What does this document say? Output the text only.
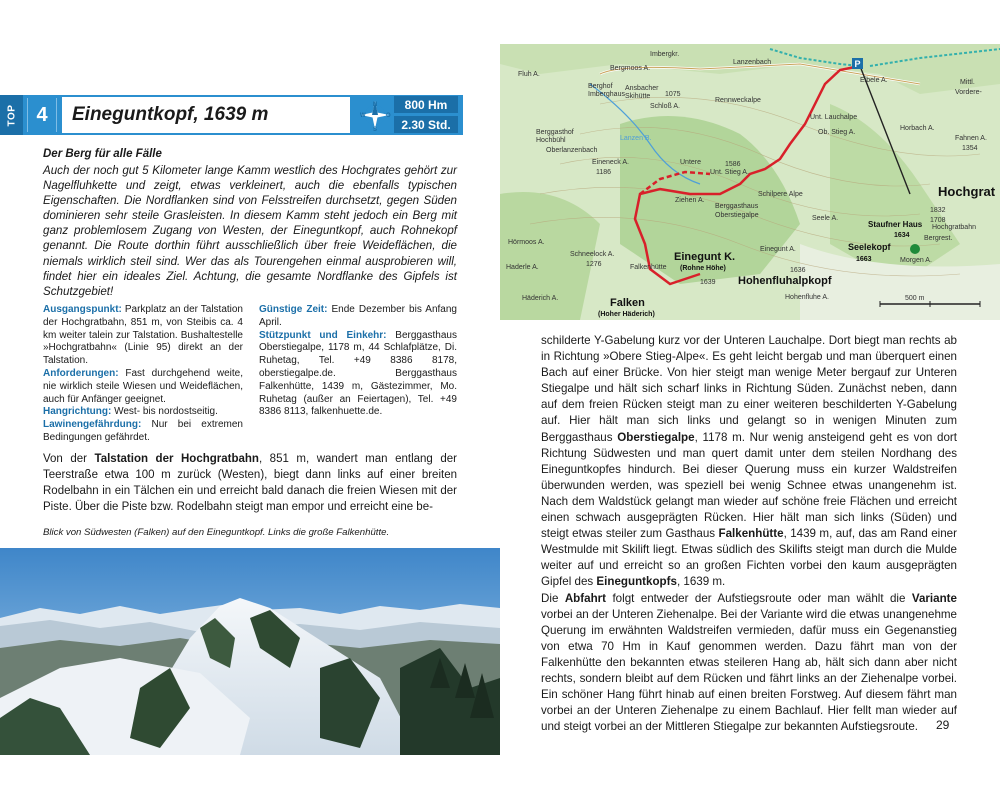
TOP 4	Eineguntkopf, 1639 m	N
W	O
S
800 Hm
2.30 Std.
Der Berg für alle Fälle
Auch der noch gut 5 Kilometer lange Kamm westlich des Hochgrates gehört zur Nagelfluhkette und zeigt, etwas verkleinert, auch die ebenfalls typischen Eigenschaften. Die Nordflanken sind von Felsstreifen durchsetzt, gegen Süden dominieren sehr steile Grasleisten. In diesem Kamm steht jedoch ein Berg mit ganz problemlosem Zugang von Westen, der Eineguntkopf, auch Rohnekopf genannt. Die Route dorthin führt ausschließlich über freie Weideflächen, die niemals wirklich steil sind. Wer das als Tourengehen einmal ausprobieren will, findet hier ein ideales Ziel. Achtung, die gesamte Nordflanke des Gipfels ist Schutzgebiet!
Ausgangspunkt: Parkplatz an der Talstation der Hochgratbahn, 851 m, von Steibis ca. 4 km weiter talein zur Talstation. Bushaltestelle »Hochgratbahn« (Linie 95) direkt an der Talstation.
Anforderungen: Fast durchgehend weite, nie wirklich steile Wiesen und Weideflächen, auch für Anfänger geeignet.
Hangrichtung: West- bis nordostseitig.
Lawinengefährdung: Nur bei extremen Bedingungen gefährdet.
Günstige Zeit: Ende Dezember bis Anfang April.
Stützpunkt und Einkehr: Berggasthaus Oberstiegalpe, 1178 m, 44 Schlafplätze, Di. Ruhetag, Tel. +49 8386 8178, oberstiegalpe.de. Berggasthaus Falkenhütte, 1439 m, Gästezimmer, Mo. Ruhetag (außer an Feiertagen), Tel. +49 8386 8113, falkenhuette.de.
Von der Talstation der Hochgratbahn, 851 m, wandert man entlang der Teerstraße etwa 100 m zurück (Westen), biegt dann links auf einer breiten Rodelbahn in ein Tälchen ein und erreicht bald danach die freien Wiesen mit der Piste. Über die Piste bzw. Rodelbahn steigt man empor und erreicht eine be-
Blick von Südwesten (Falken) auf den Eineguntkopf. Links die große Falkenhütte.
P
Imbergkr.
Lanzenbach
Bergmoos A.
Fluh A.
Berghof
Imberghaus
Ansbacher
Skihütte
Schloß A.
Rennweckalpe
1075
Eibele A.	Mittl.
Vordere-
Unt. Lauchalpe
Ob. Stieg A.
Horbach A.
Fahnen A.
1354
Berggasthof
Hochbühl
Oberlanzenbach
Lanzen B.
Eineneck A.
1186
Untere
Ziehen A.
Unt. Stieg A.
1586
Schilpere Alpe
Berggasthaus
Oberstiegalpe	Seele A.
Hochgratbahn
Bergrest.
1832
1708
Hörmoos A.
Schneelock A.
1276
Einegunt A.
Morgen A.
Haderle A.	Falkenhütte	1636
1639
Häderich A.	Hohenfluhe A.	500 m
Hochgrat
Staufner Haus
1634
Seelekopf
1663
Einegunt K.
(Rohne Höhe)
Hohenfluhalpkopf
Falken
(Hoher Häderich)
schilderte Y-Gabelung kurz vor der Unteren Lauchalpe. Dort biegt man rechts ab in Richtung »Obere Stieg-Alpe«. Es geht leicht bergab und man überquert einen Bach auf einer Brücke. Von hier steigt man wenige Meter bergauf zur Unteren Stiegalpe und hält sich scharf links in Richtung Süden. Zunächst neben, dann auf dem freien Rücken steigt man zu einer weiteren beschilderten Y-Gabelung auf. Hier hält man sich links und gelangt so in wenigen Minuten zum Berggasthaus Oberstiegalpe, 1178 m. Nur wenig ansteigend geht es von dort Richtung Südwesten und man quert damit unter dem steilen Nordhang des Eineguntkopfes hindurch. Bei dieser Querung muss ein kurzer Waldstreifen überwunden werden, was speziell bei wenig Schnee etwas unangenehm ist. Nach dem Waldstück gelangt man wieder auf schöne freie Flächen und erreicht einen schwach ausgeprägten Rücken. Hier hält man sich links (Süden) und steigt etwas steiler zum Gasthaus Falkenhütte, 1439 m, auf, das am Rand einer Westmulde mit Skilift liegt. Etwas südlich des Skilifts steigt man durch die Mulde weiter auf und erreicht so an großen Fichten vorbei den kaum ausgeprägten Gipfel des Eineguntkopfs, 1639 m.
Die Abfahrt folgt entweder der Aufstiegsroute oder man wählt die Variante vorbei an der Unteren Ziehenalpe. Bei der Variante wird die etwas unangenehme Querung im erwähnten Waldstreifen vermieden, dafür muss ein Gegenanstieg von etwa 70 Hm in Kauf genommen werden. Dazu fährt man von der Falkenhütte den bekannten etwas steileren Hang ab, hält sich dann aber nicht rechts, sondern bleibt auf dem Rücken und fährt links an der Ziehenalpe vorbei. Ein schöner Hang führt hinab auf einen breiten Forstweg. Auf diesem fährt man vorbei an der Unteren Ziehenalpe zu einem Bachlauf. Hier fellt man wieder auf und steigt vorbei an der Mittleren Stiegalpe zur bekannten Aufstiegsroute.	29
